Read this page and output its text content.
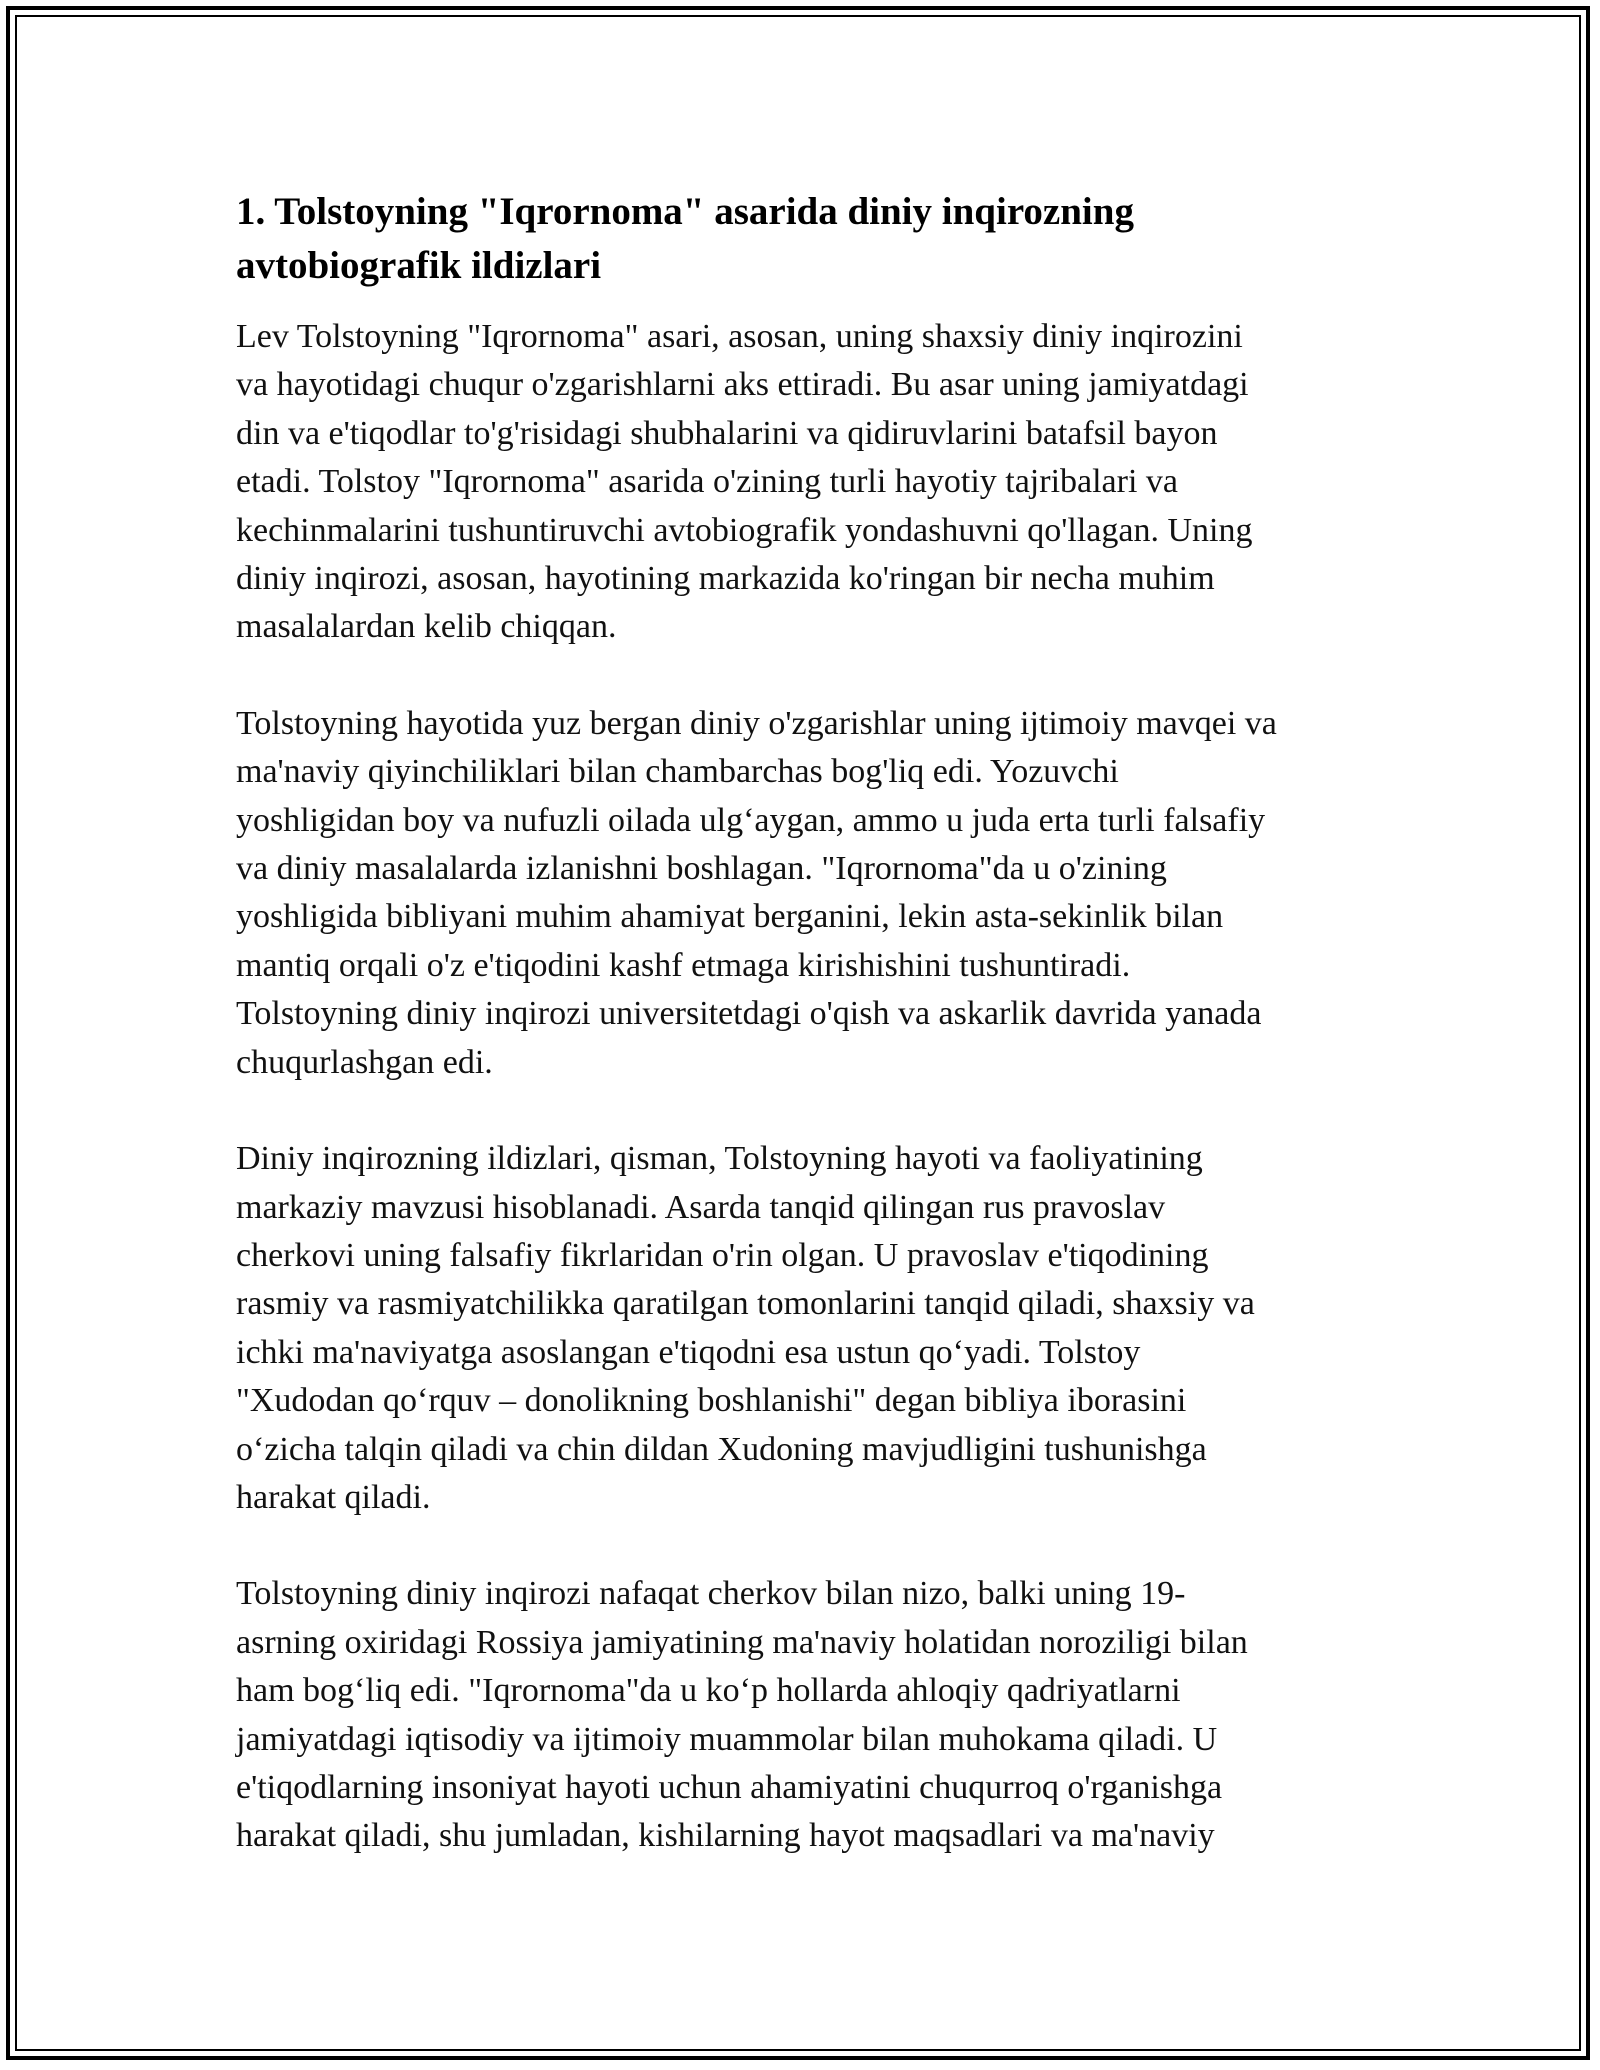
1. Tolstoyning "Iqrornoma" asarida diniy inqirozning
avtobiografik ildizlari
Lev Tolstoyning "Iqrornoma" asari, asosan, uning shaxsiy diniy inqirozini
va hayotidagi chuqur o'zgarishlarni aks ettiradi. Bu asar uning jamiyatdagi
din va e'tiqodlar to'g'risidagi shubhalarini va qidiruvlarini batafsil bayon
etadi. Tolstoy "Iqrornoma" asarida o'zining turli hayotiy tajribalari va
kechinmalarini tushuntiruvchi avtobiografik yondashuvni qo'llagan. Uning
diniy inqirozi, asosan, hayotining markazida ko'ringan bir necha muhim
masalalardan kelib chiqqan.
Tolstoyning hayotida yuz bergan diniy o'zgarishlar uning ijtimoiy mavqei va
ma'naviy qiyinchiliklari bilan chambarchas bog'liq edi. Yozuvchi
yoshligidan boy va nufuzli oilada ulg‘aygan, ammo u juda erta turli falsafiy
va diniy masalalarda izlanishni boshlagan. "Iqrornoma"da u o'zining
yoshligida bibliyani muhim ahamiyat berganini, lekin asta-sekinlik bilan
mantiq orqali o'z e'tiqodini kashf etmaga kirishishini tushuntiradi.
Tolstoyning diniy inqirozi universitetdagi o'qish va askarlik davrida yanada
chuqurlashgan edi.
Diniy inqirozning ildizlari, qisman, Tolstoyning hayoti va faoliyatining
markaziy mavzusi hisoblanadi. Asarda tanqid qilingan rus pravoslav
cherkovi uning falsafiy fikrlaridan o'rin olgan. U pravoslav e'tiqodining
rasmiy va rasmiyatchilikka qaratilgan tomonlarini tanqid qiladi, shaxsiy va
ichki ma'naviyatga asoslangan e'tiqodni esa ustun qo‘yadi. Tolstoy
"Xudodan qo‘rquv – donolikning boshlanishi" degan bibliya iborasini
o‘zicha talqin qiladi va chin dildan Xudoning mavjudligini tushunishga
harakat qiladi.
Tolstoyning diniy inqirozi nafaqat cherkov bilan nizo, balki uning 19-
asrning oxiridagi Rossiya jamiyatining ma'naviy holatidan noroziligi bilan
ham bog‘liq edi. "Iqrornoma"da u ko‘p hollarda ahloqiy qadriyatlarni
jamiyatdagi iqtisodiy va ijtimoiy muammolar bilan muhokama qiladi. U
e'tiqodlarning insoniyat hayoti uchun ahamiyatini chuqurroq o'rganishga
harakat qiladi, shu jumladan, kishilarning hayot maqsadlari va ma'naviy
